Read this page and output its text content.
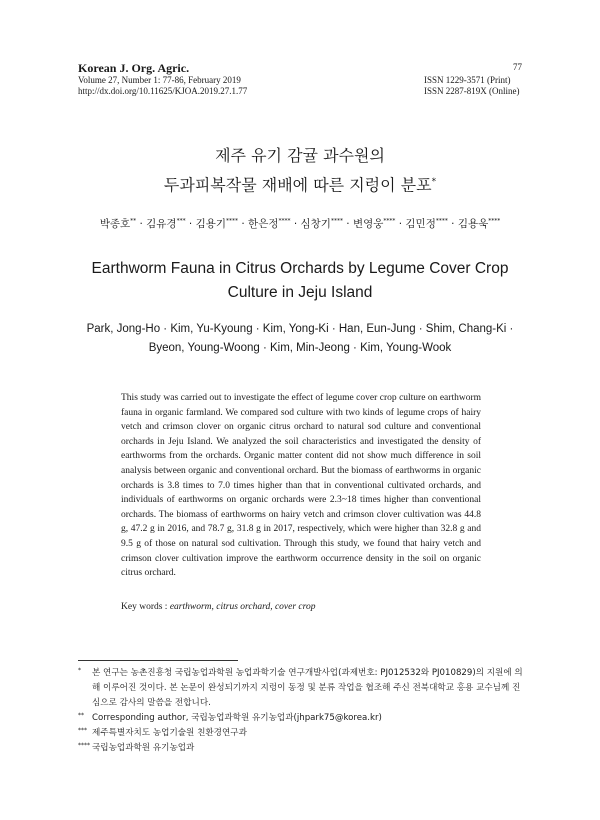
77
Korean J. Org. Agric.
Volume 27, Number 1: 77-86, February 2019
http://dx.doi.org/10.11625/KJOA.2019.27.1.77
ISSN 1229-3571 (Print)
ISSN 2287-819X (Online)
제주 유기 감귤 과수원의
두과피복작물 재배에 따른 지렁이 분포*
박종호** · 김유경*** · 김용기**** · 한은정**** · 심창기**** · 변영웅**** · 김민정**** · 김용욱****
Earthworm Fauna in Citrus Orchards by Legume Cover Crop
Culture in Jeju Island
Park, Jong-Ho · Kim, Yu-Kyoung · Kim, Yong-Ki · Han, Eun-Jung · Shim, Chang-Ki ·
Byeon, Young-Woong · Kim, Min-Jeong · Kim, Young-Wook
This study was carried out to investigate the effect of legume cover crop culture on earthworm fauna in organic farmland. We compared sod culture with two kinds of legume crops of hairy vetch and crimson clover on organic citrus orchard to natural sod culture and conventional orchards in Jeju Island. We analyzed the soil characteristics and investigated the density of earthworms from the orchards. Organic matter content did not show much difference in soil analysis between organic and conventional orchard. But the biomass of earthworms in organic orchards is 3.8 times to 7.0 times higher than that in conventional cultivated orchards, and individuals of earthworms on organic orchards were 2.3~18 times higher than conventional orchards. The biomass of earthworms on hairy vetch and crimson clover cultivation was 44.8 g, 47.2 g in 2016, and 78.7 g, 31.8 g in 2017, respectively, which were higher than 32.8 g and 9.5 g of those on natural sod cultivation. Through this study, we found that hairy vetch and crimson clover cultivation improve the earthworm occurrence density in the soil on organic citrus orchard.
Key words : earthworm, citrus orchard, cover crop
* 본 연구는 농촌진흥청 국립농업과학원 농업과학기술 연구개발사업(과제번호: PJ012532와 PJ010829)의 지원에 의해 이루어진 것이다. 본 논문이 완성되기까지 지렁이 동정 및 분류 작업을 협조해 주신 전북대학교 홍용 교수님께 진심으로 감사의 말씀을 전합니다.
** Corresponding author, 국립농업과학원 유기농업과(jhpark75@korea.kr)
*** 제주특별자치도 농업기술원 친환경연구과
**** 국립농업과학원 유기농업과
